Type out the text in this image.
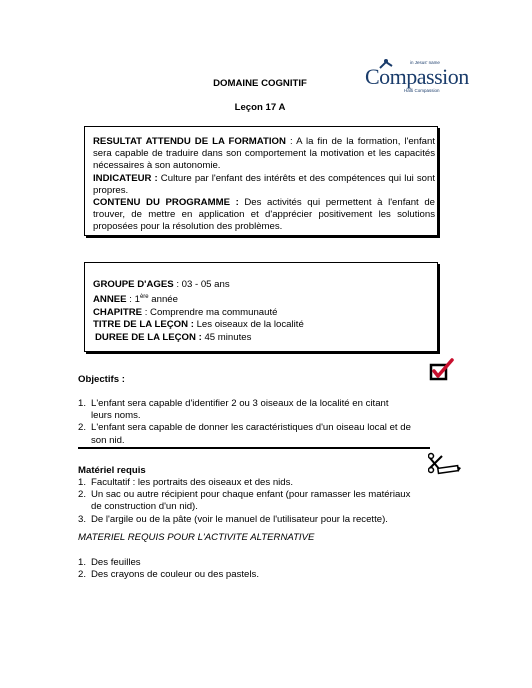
DOMAINE COGNITIF
Leçon 17 A
in Jesus' name
Compassion
Haïti Compassion
RESULTAT ATTENDU DE LA FORMATION : A la fin de la formation, l'enfant sera capable de traduire dans son comportement la motivation et les capacités nécessaires à son autonomie.
INDICATEUR : Culture par l'enfant des intérêts et des compétences qui lui sont propres.
CONTENU DU PROGRAMME : Des activités qui permettent à l'enfant de trouver, de mettre en application et d'apprécier positivement les solutions proposées pour la résolution des problèmes.
GROUPE D'AGES : 03 - 05 ans
ANNEE : 1ère année
CHAPITRE : Comprendre ma communauté
TITRE DE LA LEÇON : Les oiseaux de la localité
DUREE DE LA LEÇON : 45 minutes
Objectifs :
1. L'enfant sera capable d'identifier 2 ou 3 oiseaux de la localité en citant
leurs noms.
2. L'enfant sera capable de donner les caractéristiques d'un oiseau local et de
son nid.
Matériel requis
1. Facultatif : les portraits des oiseaux et des nids.
2. Un sac ou autre récipient pour chaque enfant (pour ramasser les matériaux
de construction d'un nid).
3. De l'argile ou de la pâte (voir le manuel de l'utilisateur pour la recette).
MATERIEL REQUIS POUR L'ACTIVITE ALTERNATIVE
1. Des feuilles
2. Des crayons de couleur ou des pastels.
